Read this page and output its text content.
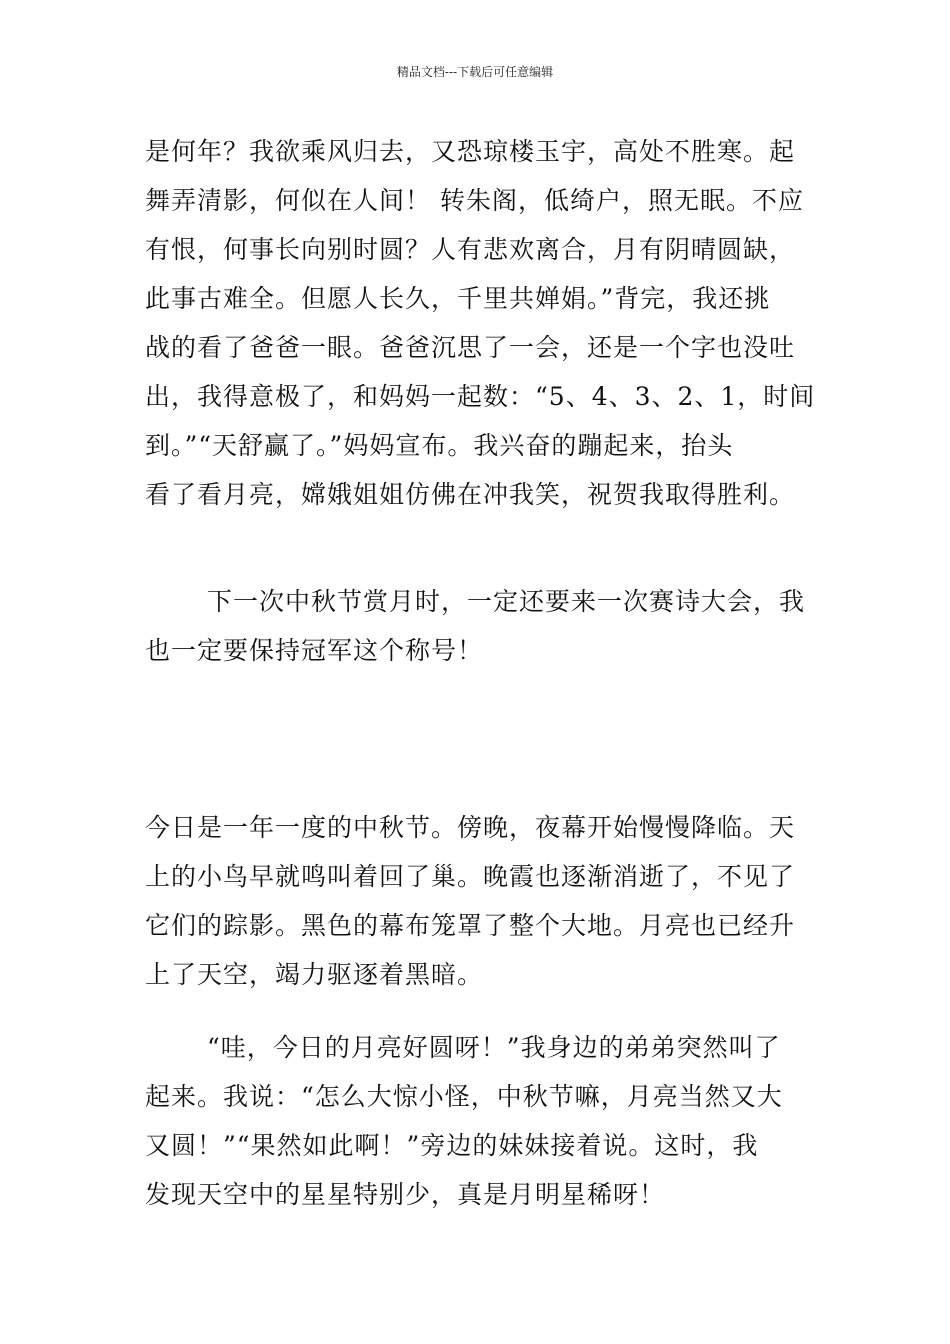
精品文档---下载后可任意编辑
是何年？我欲乘风归去，又恐琼楼玉宇，高处不胜寒。起
舞弄清影，何似在人间！ 转朱阁，低绮户，照无眠。不应
有恨，何事长向别时圆？人有悲欢离合，月有阴晴圆缺，
此事古难全。但愿人长久，千里共婵娟。”背完，我还挑
战的看了爸爸一眼。爸爸沉思了一会，还是一个字也没吐
出，我得意极了，和妈妈一起数：“5、4、3、2、1，时间
到。”“天舒赢了。”妈妈宣布。我兴奋的蹦起来，抬头
看了看月亮，嫦娥姐姐仿佛在冲我笑，祝贺我取得胜利。
下一次中秋节赏月时，一定还要来一次赛诗大会，我
也一定要保持冠军这个称号！
今日是一年一度的中秋节。傍晚，夜幕开始慢慢降临。天
上的小鸟早就鸣叫着回了巢。晚霞也逐渐消逝了，不见了
它们的踪影。黑色的幕布笼罩了整个大地。月亮也已经升
上了天空，竭力驱逐着黑暗。
“哇，今日的月亮好圆呀！”我身边的弟弟突然叫了
起来。我说：“怎么大惊小怪，中秋节嘛，月亮当然又大
又圆！”“果然如此啊！”旁边的妹妹接着说。这时，我
发现天空中的星星特别少，真是月明星稀呀！
